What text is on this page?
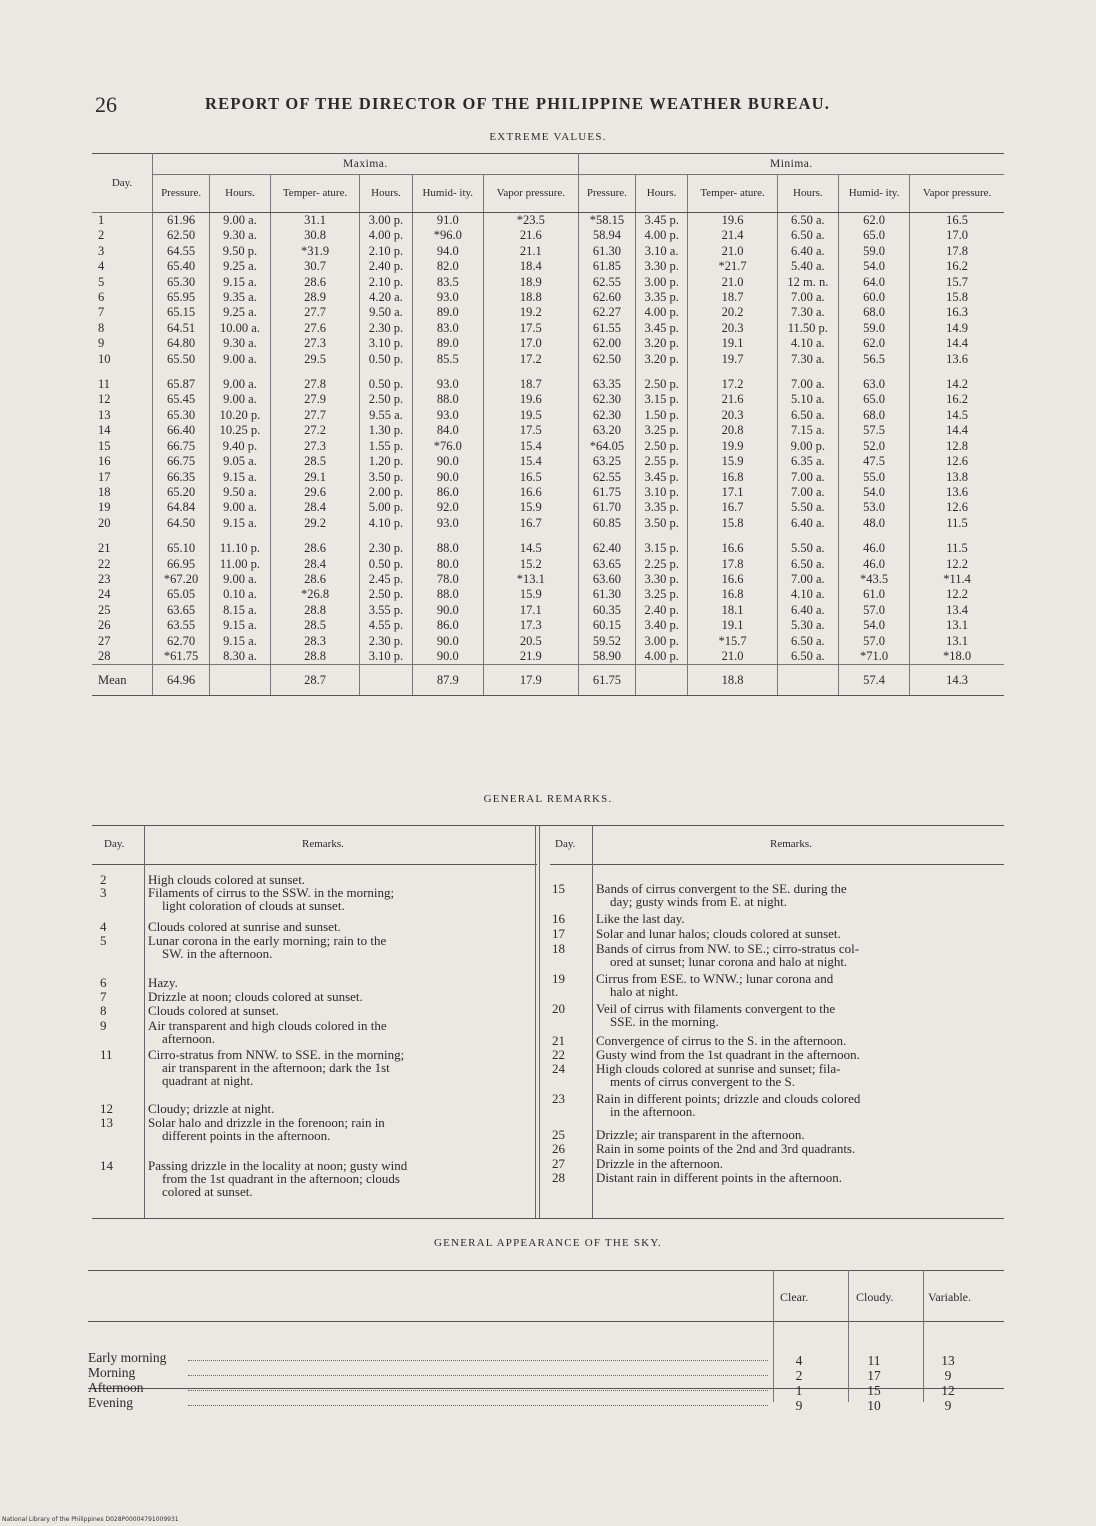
26	REPORT OF THE DIRECTOR OF THE PHILIPPINE WEATHER BUREAU.
EXTREME VALUES.
Day.	Maxima.						Minima.					
	Pressure.	Hours.	Temper- ature.	Hours.	Humid- ity.	Vapor pressure.	Pressure.	Hours.	Temper- ature.	Hours.	Humid- ity.	Vapor pressure.
1	61.96	9.00 a.	31.1	3.00 p.	91.0	*23.5	*58.15	3.45 p.	19.6	6.50 a.	62.0	16.5
2	62.50	9.30 a.	30.8	4.00 p.	*96.0	21.6	58.94	4.00 p.	21.4	6.50 a.	65.0	17.0
3	64.55	9.50 p.	*31.9	2.10 p.	94.0	21.1	61.30	3.10 a.	21.0	6.40 a.	59.0	17.8
4	65.40	9.25 a.	30.7	2.40 p.	82.0	18.4	61.85	3.30 p.	*21.7	5.40 a.	54.0	16.2
5	65.30	9.15 a.	28.6	2.10 p.	83.5	18.9	62.55	3.00 p.	21.0	12 m. n.	64.0	15.7
6	65.95	9.35 a.	28.9	4.20 a.	93.0	18.8	62.60	3.35 p.	18.7	7.00 a.	60.0	15.8
7	65.15	9.25 a.	27.7	9.50 a.	89.0	19.2	62.27	4.00 p.	20.2	7.30 a.	68.0	16.3
8	64.51	10.00 a.	27.6	2.30 p.	83.0	17.5	61.55	3.45 p.	20.3	11.50 p.	59.0	14.9
9	64.80	9.30 a.	27.3	3.10 p.	89.0	17.0	62.00	3.20 p.	19.1	4.10 a.	62.0	14.4
10	65.50	9.00 a.	29.5	0.50 p.	85.5	17.2	62.50	3.20 p.	19.7	7.30 a.	56.5	13.6
11	65.87	9.00 a.	27.8	0.50 p.	93.0	18.7	63.35	2.50 p.	17.2	7.00 a.	63.0	14.2
12	65.45	9.00 a.	27.9	2.50 p.	88.0	19.6	62.30	3.15 p.	21.6	5.10 a.	65.0	16.2
13	65.30	10.20 p.	27.7	9.55 a.	93.0	19.5	62.30	1.50 p.	20.3	6.50 a.	68.0	14.5
14	66.40	10.25 p.	27.2	1.30 p.	84.0	17.5	63.20	3.25 p.	20.8	7.15 a.	57.5	14.4
15	66.75	9.40 p.	27.3	1.55 p.	*76.0	15.4	*64.05	2.50 p.	19.9	9.00 p.	52.0	12.8
16	66.75	9.05 a.	28.5	1.20 p.	90.0	15.4	63.25	2.55 p.	15.9	6.35 a.	47.5	12.6
17	66.35	9.15 a.	29.1	3.50 p.	90.0	16.5	62.55	3.45 p.	16.8	7.00 a.	55.0	13.8
18	65.20	9.50 a.	29.6	2.00 p.	86.0	16.6	61.75	3.10 p.	17.1	7.00 a.	54.0	13.6
19	64.84	9.00 a.	28.4	5.00 p.	92.0	15.9	61.70	3.35 p.	16.7	5.50 a.	53.0	12.6
20	64.50	9.15 a.	29.2	4.10 p.	93.0	16.7	60.85	3.50 p.	15.8	6.40 a.	48.0	11.5
21	65.10	11.10 p.	28.6	2.30 p.	88.0	14.5	62.40	3.15 p.	16.6	5.50 a.	46.0	11.5
22	66.95	11.00 p.	28.4	0.50 p.	80.0	15.2	63.65	2.25 p.	17.8	6.50 a.	46.0	12.2
23	*67.20	9.00 a.	28.6	2.45 p.	78.0	*13.1	63.60	3.30 p.	16.6	7.00 a.	*43.5	*11.4
24	65.05	0.10 a.	*26.8	2.50 p.	88.0	15.9	61.30	3.25 p.	16.8	4.10 a.	61.0	12.2
25	63.65	8.15 a.	28.8	3.55 p.	90.0	17.1	60.35	2.40 p.	18.1	6.40 a.	57.0	13.4
26	63.55	9.15 a.	28.5	4.55 p.	86.0	17.3	60.15	3.40 p.	19.1	5.30 a.	54.0	13.1
27	62.70	9.15 a.	28.3	2.30 p.	90.0	20.5	59.52	3.00 p.	*15.7	6.50 a.	57.0	13.1
28	*61.75	8.30 a.	28.8	3.10 p.	90.0	21.9	58.90	4.00 p.	21.0	6.50 a.	*71.0	*18.0
Mean	64.96		28.7		87.9	17.9	61.75		18.8		57.4	14.3
GENERAL REMARKS.
Day.	Remarks.
2	High clouds colored at sunset.
3	Filaments of cirrus to the SSW. in the morning;
light coloration of clouds at sunset.
4	Clouds colored at sunrise and sunset.
5	Lunar corona in the early morning; rain to the
SW. in the afternoon.
6	Hazy.
7	Drizzle at noon; clouds colored at sunset.
8	Clouds colored at sunset.
9	Air transparent and high clouds colored in the
afternoon.
11	Cirro-stratus from NNW. to SSE. in the morning;
air transparent in the afternoon; dark the 1st
quadrant at night.
12	Cloudy; drizzle at night.
13	Solar halo and drizzle in the forenoon; rain in
different points in the afternoon.
14	Passing drizzle in the locality at noon; gusty wind
from the 1st quadrant in the afternoon; clouds
colored at sunset.
Day.	Remarks.
15	Bands of cirrus convergent to the SE. during the
day; gusty winds from E. at night.
16	Like the last day.
17	Solar and lunar halos; clouds colored at sunset.
18	Bands of cirrus from NW. to SE.; cirro-stratus col-
ored at sunset; lunar corona and halo at night.
19	Cirrus from ESE. to WNW.; lunar corona and
halo at night.
20	Veil of cirrus with filaments convergent to the
SSE. in the morning.
21	Convergence of cirrus to the S. in the afternoon.
22	Gusty wind from the 1st quadrant in the afternoon.
24	High clouds colored at sunrise and sunset; fila-
ments of cirrus convergent to the S.
23	Rain in different points; drizzle and clouds colored
in the afternoon.
25	Drizzle; air transparent in the afternoon.
26	Rain in some points of the 2nd and 3rd quadrants.
27	Drizzle in the afternoon.
28	Distant rain in different points in the afternoon.
GENERAL APPEARANCE OF THE SKY.
Clear.	Cloudy.	Variable.
Early morning	4	11	13
Morning	2	17	9
Afternoon	1	15	12
Evening	9	10	9
National Library of the Philippines D028P00004791009931
